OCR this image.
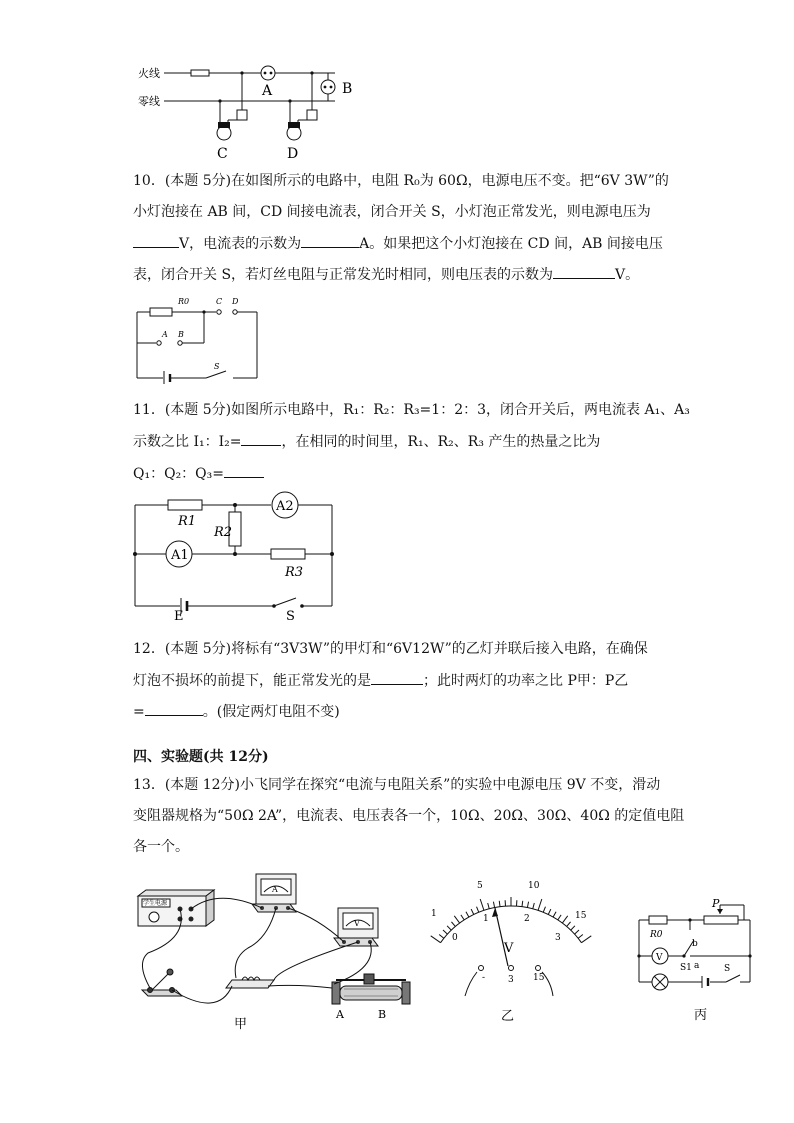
火线
零线
A	B
C	D
10．(本题 5分)在如图所示的电路中，电阻 R₀为 60Ω，电源电压不变。把“6V 3W”的
小灯泡接在 AB 间，CD 间接电流表，闭合开关 S，小灯泡正常发光，则电源电压为
V，电流表的示数为	A。如果把这个小灯泡接在 CD 间，AB 间接电压
表，闭合开关 S，若灯丝电阻与正常发光时相同，则电压表的示数为	V。
R0	C D
A B
S
11．(本题 5分)如图所示电路中，R₁：R₂：R₃=1：2：3，闭合开关后，两电流表 A₁、A₃
示数之比 I₁：I₂=	，在相同的时间里，R₁、R₂、R₃ 产生的热量之比为
Q₁：Q₂：Q₃=
R1
R2
R3
A2
A1
E	S
12．(本题 5分)将标有“3V3W”的甲灯和“6V12W”的乙灯并联后接入电路，在确保
灯泡不损坏的前提下，能正常发光的是	；此时两灯的功率之比 P甲：P乙
=	。(假定两灯电阻不变)
四、实验题(共 12分)
13．(本题 12分)小飞同学在探究“电流与电阻关系”的实验中电源电压 9V 不变，滑动
变阻器规格为“50Ω 2A”，电流表、电压表各一个，10Ω、20Ω、30Ω、40Ω 的定值电阻
各一个。
学生电源
A
V
A	B
甲
5	10
15
1
0
1	2
3
15
3
V
-
乙
R0
P
V
b
S1 a	S
丙
